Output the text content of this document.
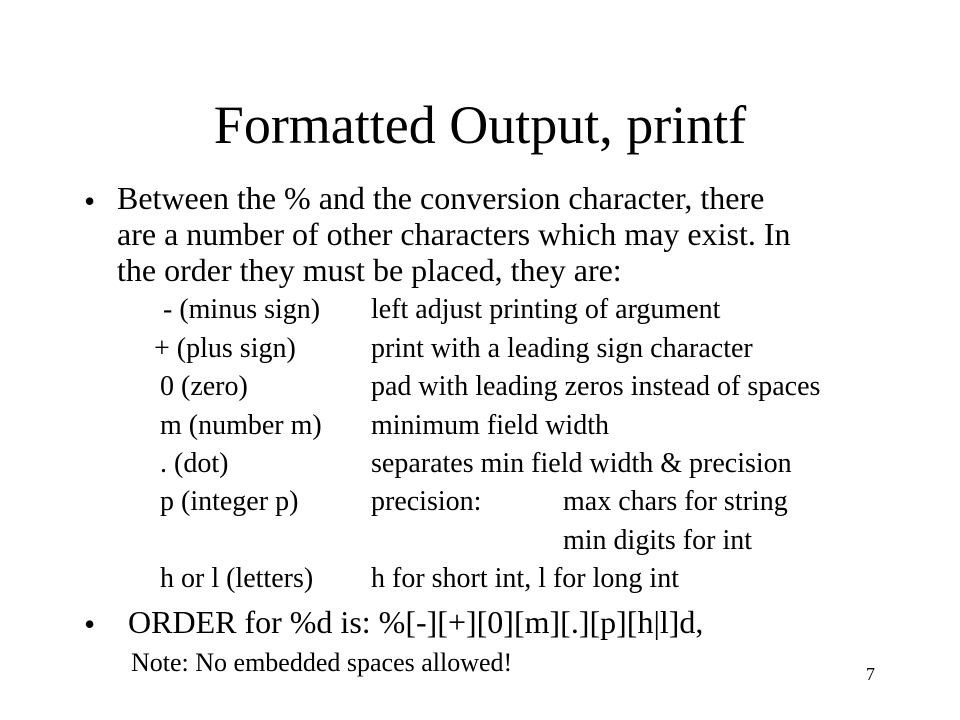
Formatted Output, printf
• Between the % and the conversion character, there
are a number of other characters which may exist. In
the order they must be placed, they are:
- (minus sign) left adjust printing of argument
+ (plus sign)	print with a leading sign character
0 (zero)	pad with leading zeros instead of spaces
m (number m) minimum field width
. (dot)	separates min field width & precision
p (integer p)	precision:	max chars for string
min digits for int
h or l (letters) h for short int, l for long int
• ORDER for %d is: %[-][+][0][m][.][p][h|l]d,
Note: No embedded spaces allowed!	7
